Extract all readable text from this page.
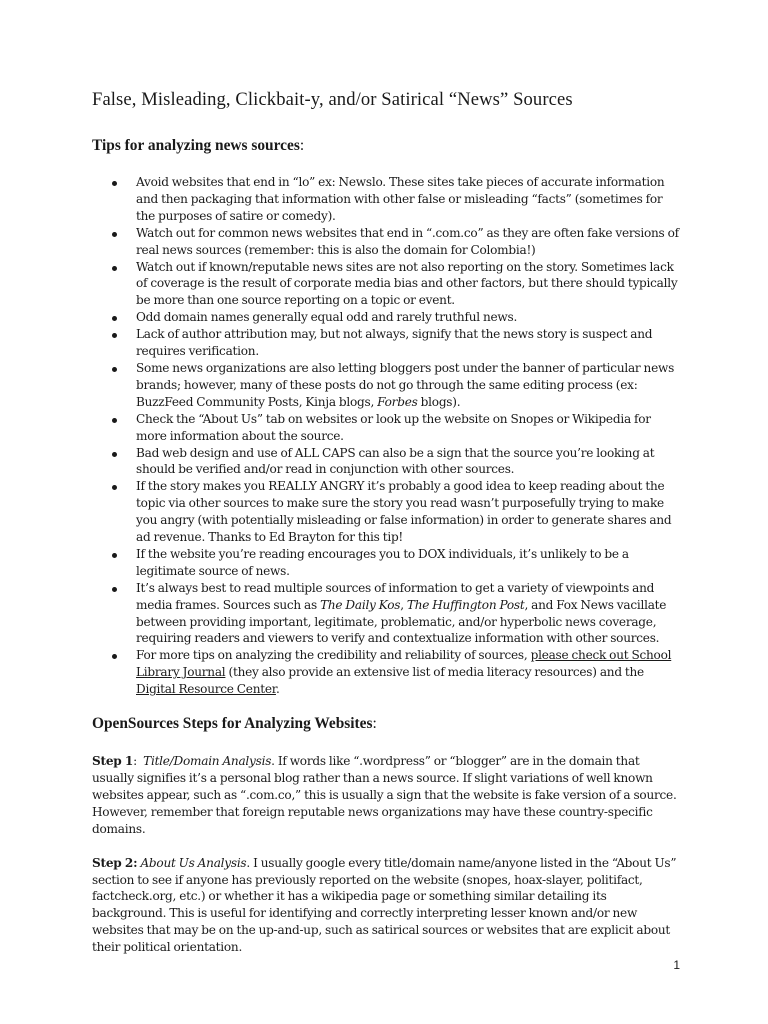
False, Misleading, Clickbait-y, and/or Satirical “News” Sources
Tips for analyzing news sources:
Avoid websites that end in “lo” ex: Newslo. These sites take pieces of accurate information and then packaging that information with other false or misleading “facts” (sometimes for the purposes of satire or comedy).
Watch out for common news websites that end in “.com.co” as they are often fake versions of real news sources (remember: this is also the domain for Colombia!)
Watch out if known/reputable news sites are not also reporting on the story. Sometimes lack of coverage is the result of corporate media bias and other factors, but there should typically be more than one source reporting on a topic or event.
Odd domain names generally equal odd and rarely truthful news.
Lack of author attribution may, but not always, signify that the news story is suspect and requires verification.
Some news organizations are also letting bloggers post under the banner of particular news brands; however, many of these posts do not go through the same editing process (ex: BuzzFeed Community Posts, Kinja blogs, Forbes blogs).
Check the “About Us” tab on websites or look up the website on Snopes or Wikipedia for more information about the source.
Bad web design and use of ALL CAPS can also be a sign that the source you’re looking at should be verified and/or read in conjunction with other sources.
If the story makes you REALLY ANGRY it’s probably a good idea to keep reading about the topic via other sources to make sure the story you read wasn’t purposefully trying to make you angry (with potentially misleading or false information) in order to generate shares and ad revenue. Thanks to Ed Brayton for this tip!
If the website you’re reading encourages you to DOX individuals, it’s unlikely to be a legitimate source of news.
It’s always best to read multiple sources of information to get a variety of viewpoints and media frames. Sources such as The Daily Kos, The Huffington Post, and Fox News vacillate between providing important, legitimate, problematic, and/or hyperbolic news coverage, requiring readers and viewers to verify and contextualize information with other sources.
For more tips on analyzing the credibility and reliability of sources, please check out School Library Journal (they also provide an extensive list of media literacy resources) and the Digital Resource Center.
OpenSources Steps for Analyzing Websites:

Step 1: Title/Domain Analysis. If words like “.wordpress” or “blogger” are in the domain that usually signifies it’s a personal blog rather than a news source. If slight variations of well known websites appear, such as “.com.co,” this is usually a sign that the website is fake version of a source. However, remember that foreign reputable news organizations may have these country-specific domains.

Step 2: About Us Analysis. I usually google every title/domain name/anyone listed in the “About Us” section to see if anyone has previously reported on the website (snopes, hoax-slayer, politifact, factcheck.org, etc.) or whether it has a wikipedia page or something similar detailing its background. This is useful for identifying and correctly interpreting lesser known and/or new websites that may be on the up-and-up, such as satirical sources or websites that are explicit about their political orientation.

1
